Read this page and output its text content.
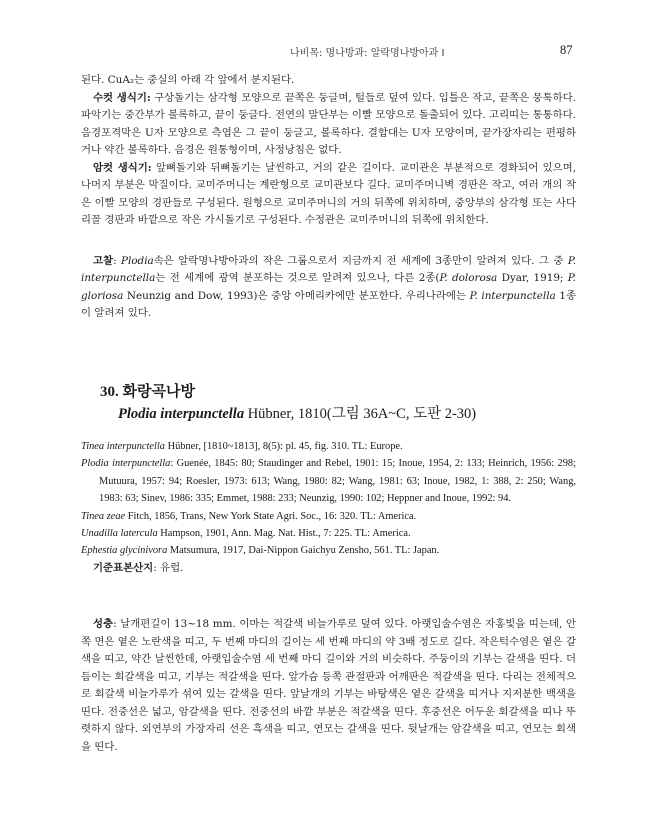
나비목: 명나방과: 알락명나방아과 I	87

된다. CuA₂는 중실의 아래 각 앞에서 분지된다.

수컷 생식기: 구상돌기는 삼각형 모양으로 끝쪽은 둥글며, 털들로 덮여 있다. 입틀은 작고, 끝쪽은 뭉툭하다. 파악기는 중간부가 볼록하고, 끝이 둥글다. 전연의 말단부는 이빨 모양으로 돌출되어 있다. 고리띠는 통통하다. 음경포격막은 U자 모양으로 측엽은 그 끝이 둥글고, 볼록하다. 결합대는 U자 모양이며, 끝가장자리는 편평하거나 약간 볼록하다. 음경은 원통형이며, 사정낭침은 없다.

암컷 생식기: 앞뼈돌기와 뒤뼈돌기는 날씬하고, 거의 같은 길이다. 교미관은 부분적으로 경화되어 있으며, 나머지 부분은 막질이다. 교미주머니는 계란형으로 교미관보다 길다. 교미주머니벽 경판은 작고, 여러 개의 작은 이빨 모양의 경판들로 구성된다. 원형으로 교미주머니의 거의 뒤쪽에 위치하며, 중앙부의 삼각형 또는 사다리꼴 경판과 바깥으로 작은 가시돌기로 구성된다. 수정관은 교미주머니의 뒤쪽에 위치한다.

고찰: Plodia속은 알락명나방아과의 작은 그룹으로서 지금까지 전 세계에 3종만이 알려져 있다. 그 중 P. interpunctella는 전 세계에 광역 분포하는 것으로 알려져 있으나, 다른 2종(P. dolorosa Dyar, 1919; P. gloriosa Neunzig and Dow, 1993)은 중앙 아메리카에만 분포한다. 우리나라에는 P. interpunctella 1종이 알려져 있다.

30. 화랑곡나방
Plodia interpunctella Hübner, 1810(그림 36A~C, 도판 2-30)

Tinea interpunctella Hübner, [1810~1813], 8(5): pl. 45, fig. 310. TL: Europe.

Plodia interpunctella: Guenée, 1845: 80; Staudinger and Rebel, 1901: 15; Inoue, 1954, 2: 133; Heinrich, 1956: 298; Mutuura, 1957: 94; Roesler, 1973: 613; Wang, 1980: 82; Wang, 1981: 63; Inoue, 1982, 1: 388, 2: 250; Wang, 1983: 63; Sinev, 1986: 335; Emmet, 1988: 233; Neunzig, 1990: 102; Heppner and Inoue, 1992: 94.

Tinea zeae Fitch, 1856, Trans, New York State Agri. Soc., 16: 320. TL: America.

Unadilla latercula Hampson, 1901, Ann. Mag. Nat. Hist., 7: 225. TL: America.

Ephestia glycinivora Matsumura, 1917, Dai-Nippon Gaichyu Zensho, 561. TL: Japan.

기준표본산지: 유럽.

성충: 날개편길이 13~18 mm. 이마는 적갈색 비늘가루로 덮여 있다. 아랫입술수염은 자홍빛을 띠는데, 안쪽 면은 옅은 노란색을 띠고, 두 번째 마디의 길이는 세 번째 마디의 약 3배 정도로 길다. 작은턱수염은 옅은 갈색을 띠고, 약간 날씬한데, 아랫입술수염 세 번째 마디 길이와 거의 비슷하다. 주둥이의 기부는 갈색을 띤다. 더듬이는 회갈색을 띠고, 기부는 적갈색을 띤다. 앞가슴 등쪽 관절판과 어깨판은 적갈색을 띤다. 다리는 전체적으로 회갈색 비늘가루가 섞여 있는 갈색을 띤다. 앞날개의 기부는 바탕색은 옅은 갈색을 띠거나 지저분한 백색을 띤다. 전중선은 넓고, 암갈색을 띤다. 전중선의 바깥 부분은 적갈색을 띤다. 후중선은 어두운 회갈색을 띠나 뚜렷하지 않다. 외연부의 가장자리 선은 흑색을 띠고, 연모는 갈색을 띤다. 뒷날개는 암갈색을 띠고, 연모는 회색을 띤다.
